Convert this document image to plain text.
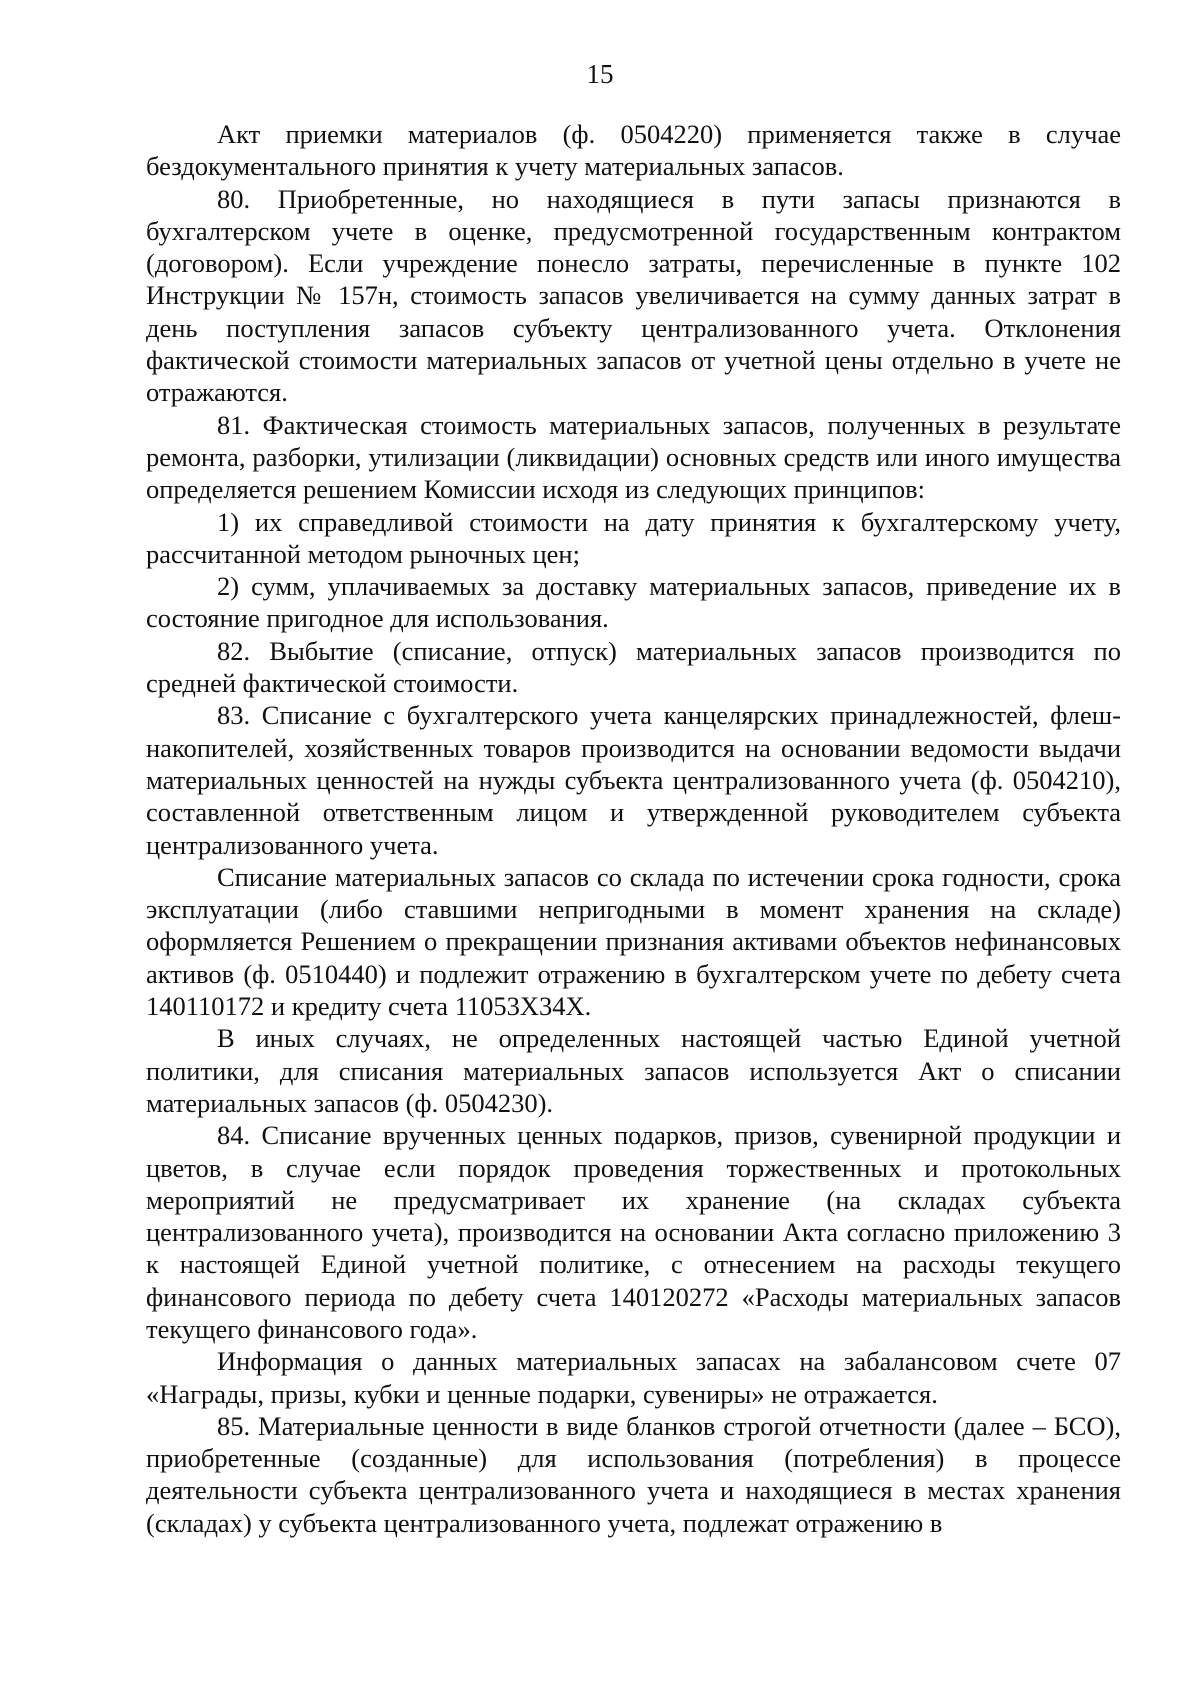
15

Акт приемки материалов (ф. 0504220) применяется также в случае бездокументального принятия к учету материальных запасов.

80. Приобретенные, но находящиеся в пути запасы признаются в бухгалтерском учете в оценке, предусмотренной государственным контрактом (договором). Если учреждение понесло затраты, перечисленные в пункте 102 Инструкции № 157н, стоимость запасов увеличивается на сумму данных затрат в день поступления запасов субъекту централизованного учета. Отклонения фактической стоимости материальных запасов от учетной цены отдельно в учете не отражаются.

81. Фактическая стоимость материальных запасов, полученных в результате ремонта, разборки, утилизации (ликвидации) основных средств или иного имущества определяется решением Комиссии исходя из следующих принципов:

1) их справедливой стоимости на дату принятия к бухгалтерскому учету, рассчитанной методом рыночных цен;

2) сумм, уплачиваемых за доставку материальных запасов, приведение их в состояние пригодное для использования.

82. Выбытие (списание, отпуск) материальных запасов производится по средней фактической стоимости.

83. Списание с бухгалтерского учета канцелярских принадлежностей, флеш-накопителей, хозяйственных товаров производится на основании ведомости выдачи материальных ценностей на нужды субъекта централизованного учета (ф. 0504210), составленной ответственным лицом и утвержденной руководителем субъекта централизованного учета.

Списание материальных запасов со склада по истечении срока годности, срока эксплуатации (либо ставшими непригодными в момент хранения на складе) оформляется Решением о прекращении признания активами объектов нефинансовых активов (ф. 0510440) и подлежит отражению в бухгалтерском учете по дебету счета 140110172 и кредиту счета 11053Х34Х.

В иных случаях, не определенных настоящей частью Единой учетной политики, для списания материальных запасов используется Акт о списании материальных запасов (ф. 0504230).

84. Списание врученных ценных подарков, призов, сувенирной продукции и цветов, в случае если порядок проведения торжественных и протокольных мероприятий не предусматривает их хранение (на складах субъекта централизованного учета), производится на основании Акта согласно приложению 3 к настоящей Единой учетной политике, с отнесением на расходы текущего финансового периода по дебету счета 140120272 «Расходы материальных запасов текущего финансового года».

Информация о данных материальных запасах на забалансовом счете 07 «Награды, призы, кубки и ценные подарки, сувениры» не отражается.

85. Материальные ценности в виде бланков строгой отчетности (далее – БСО), приобретенные (созданные) для использования (потребления) в процессе деятельности субъекта централизованного учета и находящиеся в местах хранения (складах) у субъекта централизованного учета, подлежат отражению в
